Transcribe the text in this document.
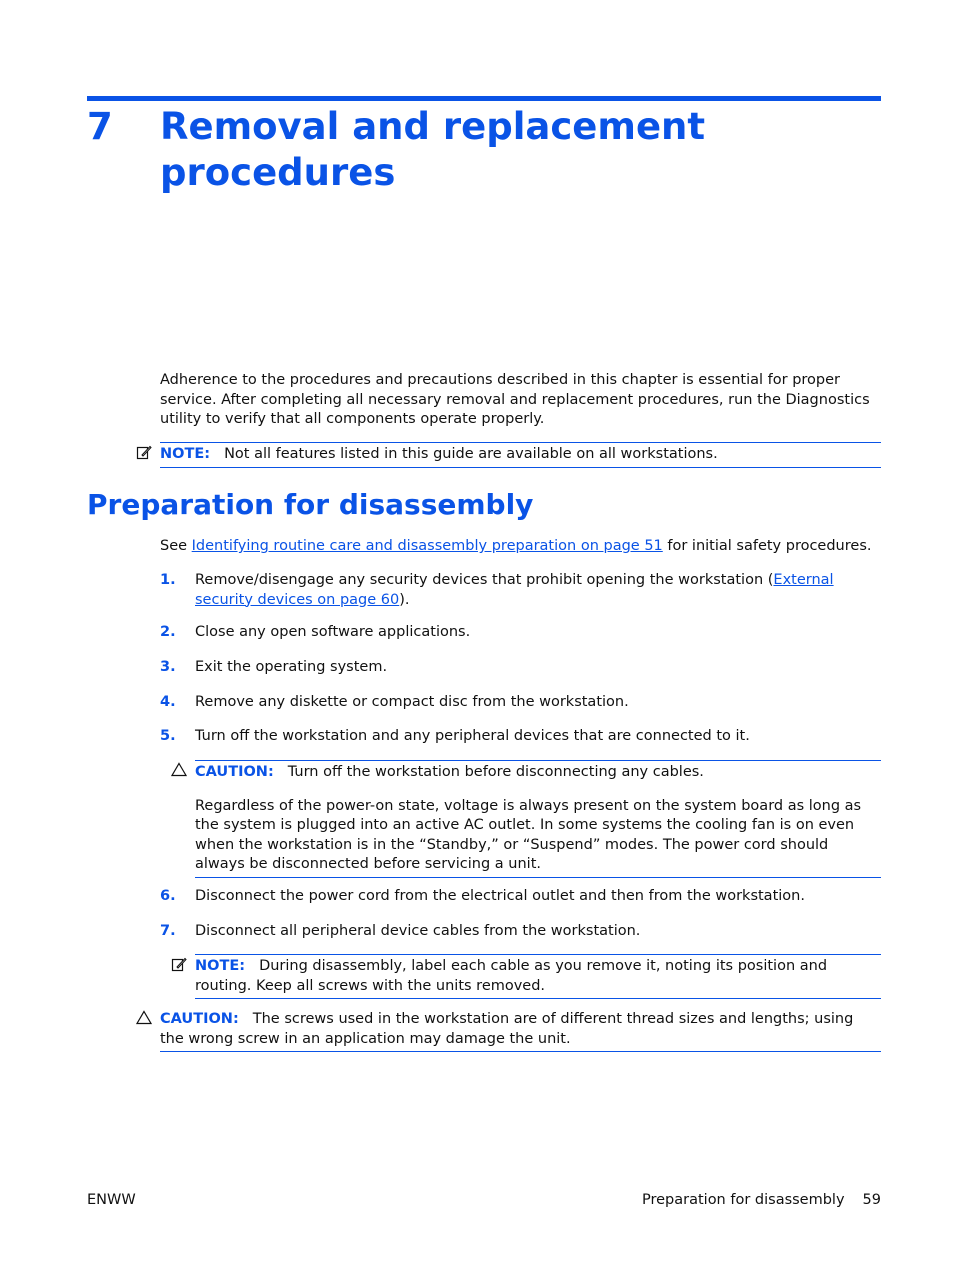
7 Removal and replacement procedures
Adherence to the procedures and precautions described in this chapter is essential for proper service. After completing all necessary removal and replacement procedures, run the Diagnostics utility to verify that all components operate properly.
NOTE: Not all features listed in this guide are available on all workstations.
Preparation for disassembly
See Identifying routine care and disassembly preparation on page 51 for initial safety procedures.
1. Remove/disengage any security devices that prohibit opening the workstation (External security devices on page 60).
2. Close any open software applications.
3. Exit the operating system.
4. Remove any diskette or compact disc from the workstation.
5. Turn off the workstation and any peripheral devices that are connected to it.
CAUTION: Turn off the workstation before disconnecting any cables.
Regardless of the power-on state, voltage is always present on the system board as long as the system is plugged into an active AC outlet. In some systems the cooling fan is on even when the workstation is in the “Standby,” or “Suspend” modes. The power cord should always be disconnected before servicing a unit.
6. Disconnect the power cord from the electrical outlet and then from the workstation.
7. Disconnect all peripheral device cables from the workstation.
NOTE: During disassembly, label each cable as you remove it, noting its position and routing. Keep all screws with the units removed.
CAUTION: The screws used in the workstation are of different thread sizes and lengths; using the wrong screw in an application may damage the unit.
ENWW	Preparation for disassembly 59
